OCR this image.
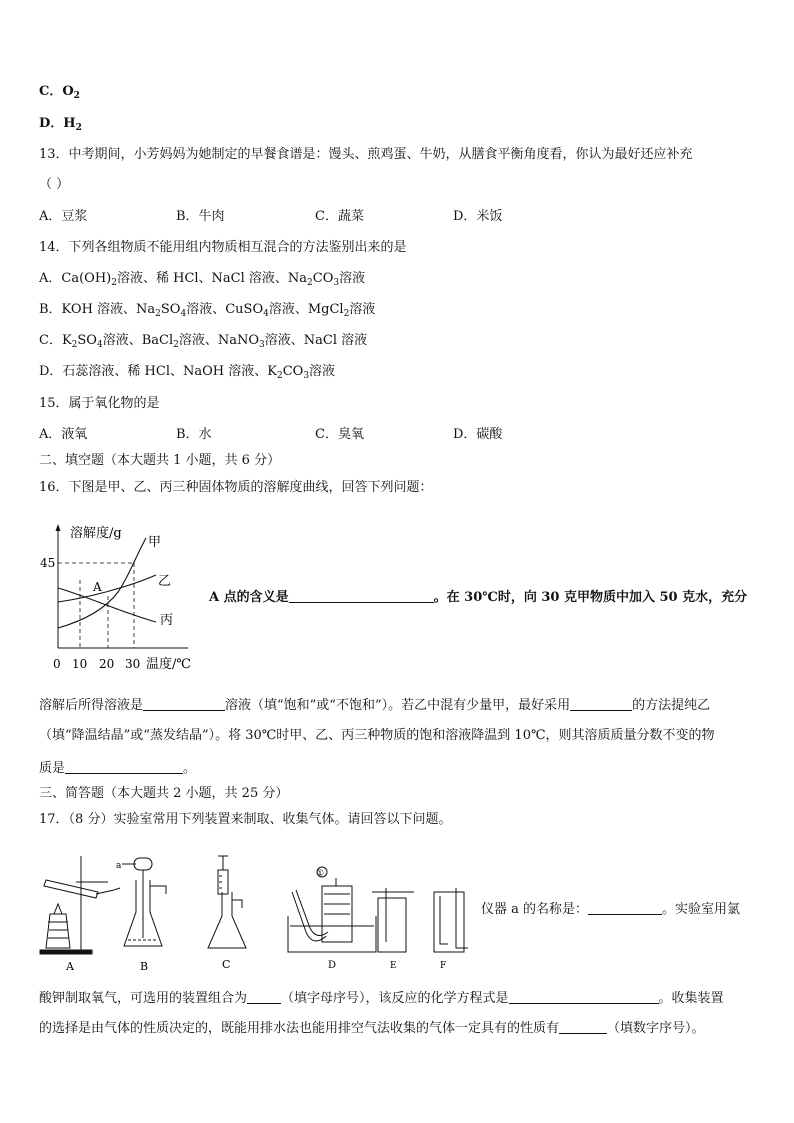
C．$O_2$
D．$H_2$
13．中考期间，小芳妈妈为她制定的早餐食谱是：馒头、煎鸡蛋、牛奶，从膳食平衡角度看，你认为最好还应补充
（ ）
A．豆浆	B．牛肉	C．蔬菜	D．米饭
14．下列各组物质不能用组内物质相互混合的方法鉴别出来的是
A．$Ca(OH)_2$溶液、稀 HCl、NaCl 溶液、$Na_2CO_3$溶液
B．KOH 溶液、$Na_2SO_4$溶液、CuSO$_4$溶液、MgCl$_2$溶液
C．$K_2SO_4$溶液、BaCl$_2$溶液、NaNO$_3$溶液、NaCl 溶液
D．石蕊溶液、稀 HCl、NaOH 溶液、$K_2CO_3$溶液
15．属于氧化物的是
A．液氧	B．水	C．臭氧	D．碳酸
二、填空题（本大题共 1 小题，共 6 分）
16．下图是甲、乙、丙三种固体物质的溶解度曲线，回答下列问题：
溶解度/g
45
A
甲
乙
丙
0 10 20 30 温度/℃
A 点的含义是	。在 30℃时，向 30 克甲物质中加入 50 克水，充分
溶解后所得溶液是	溶液（填“饱和”或“不饱和”）。若乙中混有少量甲，最好采用	的方法提纯乙
（填“降温结晶”或“蒸发结晶”）。将 30℃时甲、乙、丙三种物质的饱和溶液降温到 10℃，则其溶质质量分数不变的物
质是	。
三、简答题（本大题共 2 小题，共 25 分）
17．（8 分）实验室常用下列装置来制取、收集气体。请回答以下问题。
a
①
A	B	C	D	E	F
仪器 a 的名称是：	。实验室用氯
酸钾制取氧气，可选用的装置组合为	（填字母序号），该反应的化学方程式是	。收集装置
的选择是由气体的性质决定的，既能用排水法也能用排空气法收集的气体一定具有的性质有	（填数字序号）。
